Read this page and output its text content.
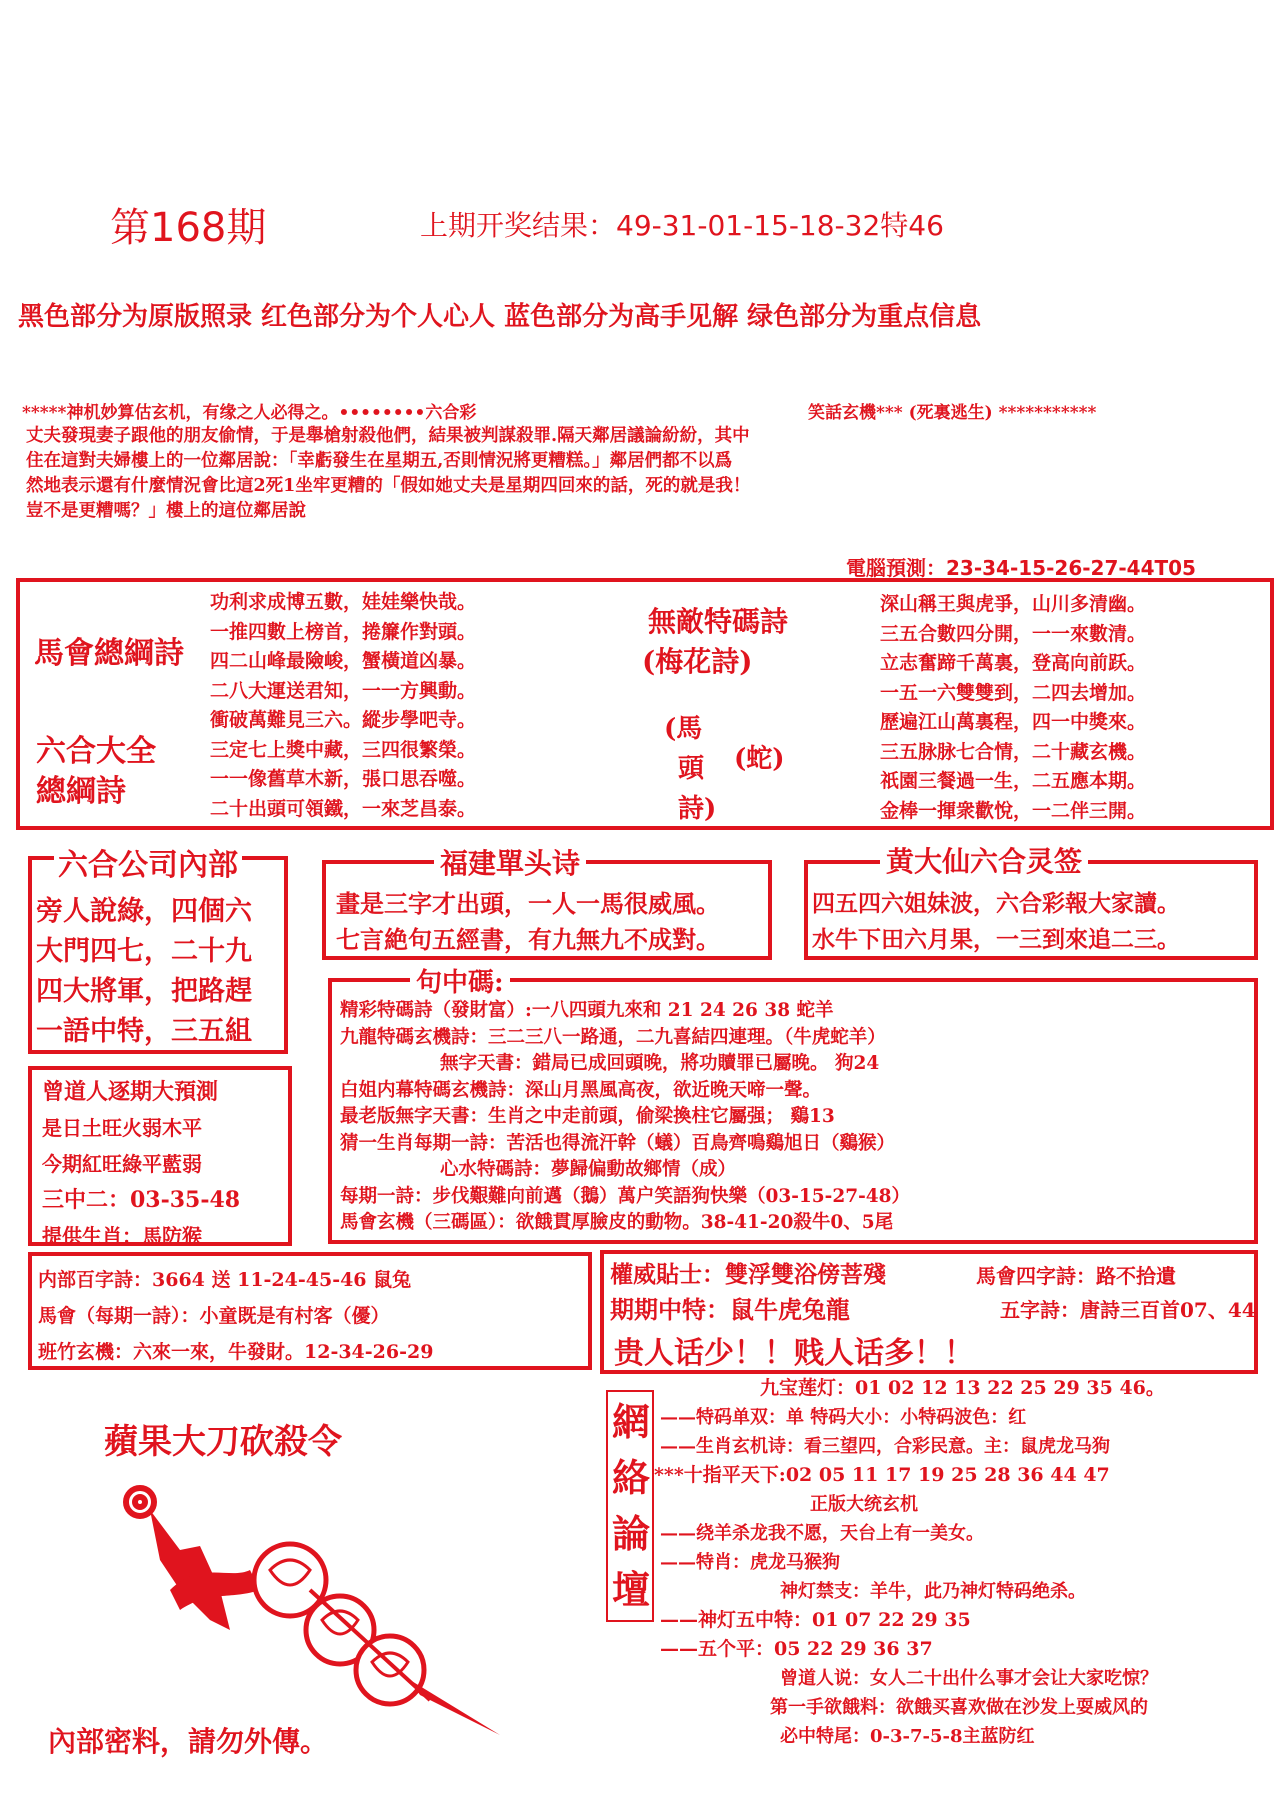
第168期	上期开奖结果：49-31-01-15-18-32特46
黑色部分为原版照录 红色部分为个人心人 蓝色部分为高手见解 绿色部分为重点信息
*****神机妙算估玄机，有缘之人必得之。••••••••六合彩	笑話玄機*** (死裏逃生) ***********
丈夫發現妻子跟他的朋友偷情，于是舉槍射殺他們，結果被判謀殺罪.隔天鄰居議論紛紛，其中
住在這對夫婦樓上的一位鄰居說：「幸虧發生在星期五,否則情況將更糟糕。」鄰居們都不以爲
然地表示還有什麼情況會比這2死1坐牢更糟的「假如她丈夫是星期四回來的話，死的就是我！
豈不是更糟嗎？」樓上的這位鄰居說
電腦預測：23-34-15-26-27-44T05
馬會總綱詩
六合大全
總綱詩
功利求成博五數，娃娃樂快哉。
一推四數上榜首，捲簾作對頭。
四二山峰最險峻，蟹橫道凶暴。
二八大運送君知，一一方興動。
衝破萬難見三六。縱步學吧寺。
三定七上獎中藏，三四很繁榮。
一一像舊草木新，張口思吞噬。
二十出頭可領鐵，一來芝昌泰。
無敵特碼詩
(梅花詩)
(馬
頭 (蛇)
詩)
深山稱王與虎爭，山川多清幽。
三五合數四分開，一一來數清。
立志奮蹄千萬裏，登高向前跃。
一五一六雙雙到，二四去增加。
歷遍江山萬裏程，四一中獎來。
三五脉脉七合情，二十藏玄機。
祇園三餐過一生，二五應本期。
金棒一揮衆歡悅，一二伴三開。
六合公司內部
旁人說綠，四個六
大門四七，二十九
四大將軍，把路趕
一語中特，三五組
福建單头诗
畫是三字才出頭，一人一馬很威風。
七言絶句五經書，有九無九不成對。
黄大仙六合灵签
四五四六姐妹波，六合彩報大家讀。
水牛下田六月果，一三到來追二三。
句中碼:
精彩特碼詩（發財富）:一八四頭九來和 21 24 26 38 蛇羊
九龍特碼玄機詩：三二三八一路通，二九喜結四連理。（牛虎蛇羊）
無字天書：錯局已成回頭晚，將功贖罪已屬晚。 狗24
白姐内幕特碼玄機詩：深山月黑風高夜，欲近晚天啼一聲。
最老版無字天書：生肖之中走前頭，偷梁換柱它屬强； 鷄13
猜一生肖每期一詩：苦活也得流汗幹（蟻）百鳥齊鳴鷄旭日（鷄猴）
心水特碼詩：夢歸偏動故鄉情（成）
每期一詩：步伐艱難向前邁（鵝）萬户笑語狗快樂（03-15-27-48）
馬會玄機（三碼區）：欲餓貫厚臉皮的動物。38-41-20殺牛0、5尾
曾道人逐期大預測
是日土旺火弱木平
今期紅旺綠平藍弱
三中二：03-35-48
提供生肖：馬防猴
内部百字詩：3664 送 11-24-45-46 鼠兔
馬會（每期一詩）：小童既是有村客（優）
班竹玄機：六來一來，牛發財。12-34-26-29
權威貼士：雙浮雙浴傍菩殘	馬會四字詩：路不拾遺
期期中特：鼠牛虎兔龍	五字詩：唐詩三百首07、44
贵人话少！！贱人话多！！
網
絡
論
壇
九宝莲灯：01 02 12 13 22 25 29 35 46。
——特码单双：单 特码大小：小特码波色：红
——生肖玄机诗：看三望四，合彩民意。主：鼠虎龙马狗
***十指平天下:02 05 11 17 19 25 28 36 44 47
正版大统玄机
——绕羊杀龙我不愿，天台上有一美女。
——特肖：虎龙马猴狗
神灯禁支：羊牛，此乃神灯特码绝杀。
——神灯五中特：01 07 22 29 35
——五个平：05 22 29 36 37
曾道人说：女人二十出什么事才会让大家吃惊？
第一手欲餓料：欲餓买喜欢做在沙发上耍威风的
必中特尾：0-3-7-5-8主蓝防红
蘋果大刀砍殺令
內部密料，請勿外傳。
